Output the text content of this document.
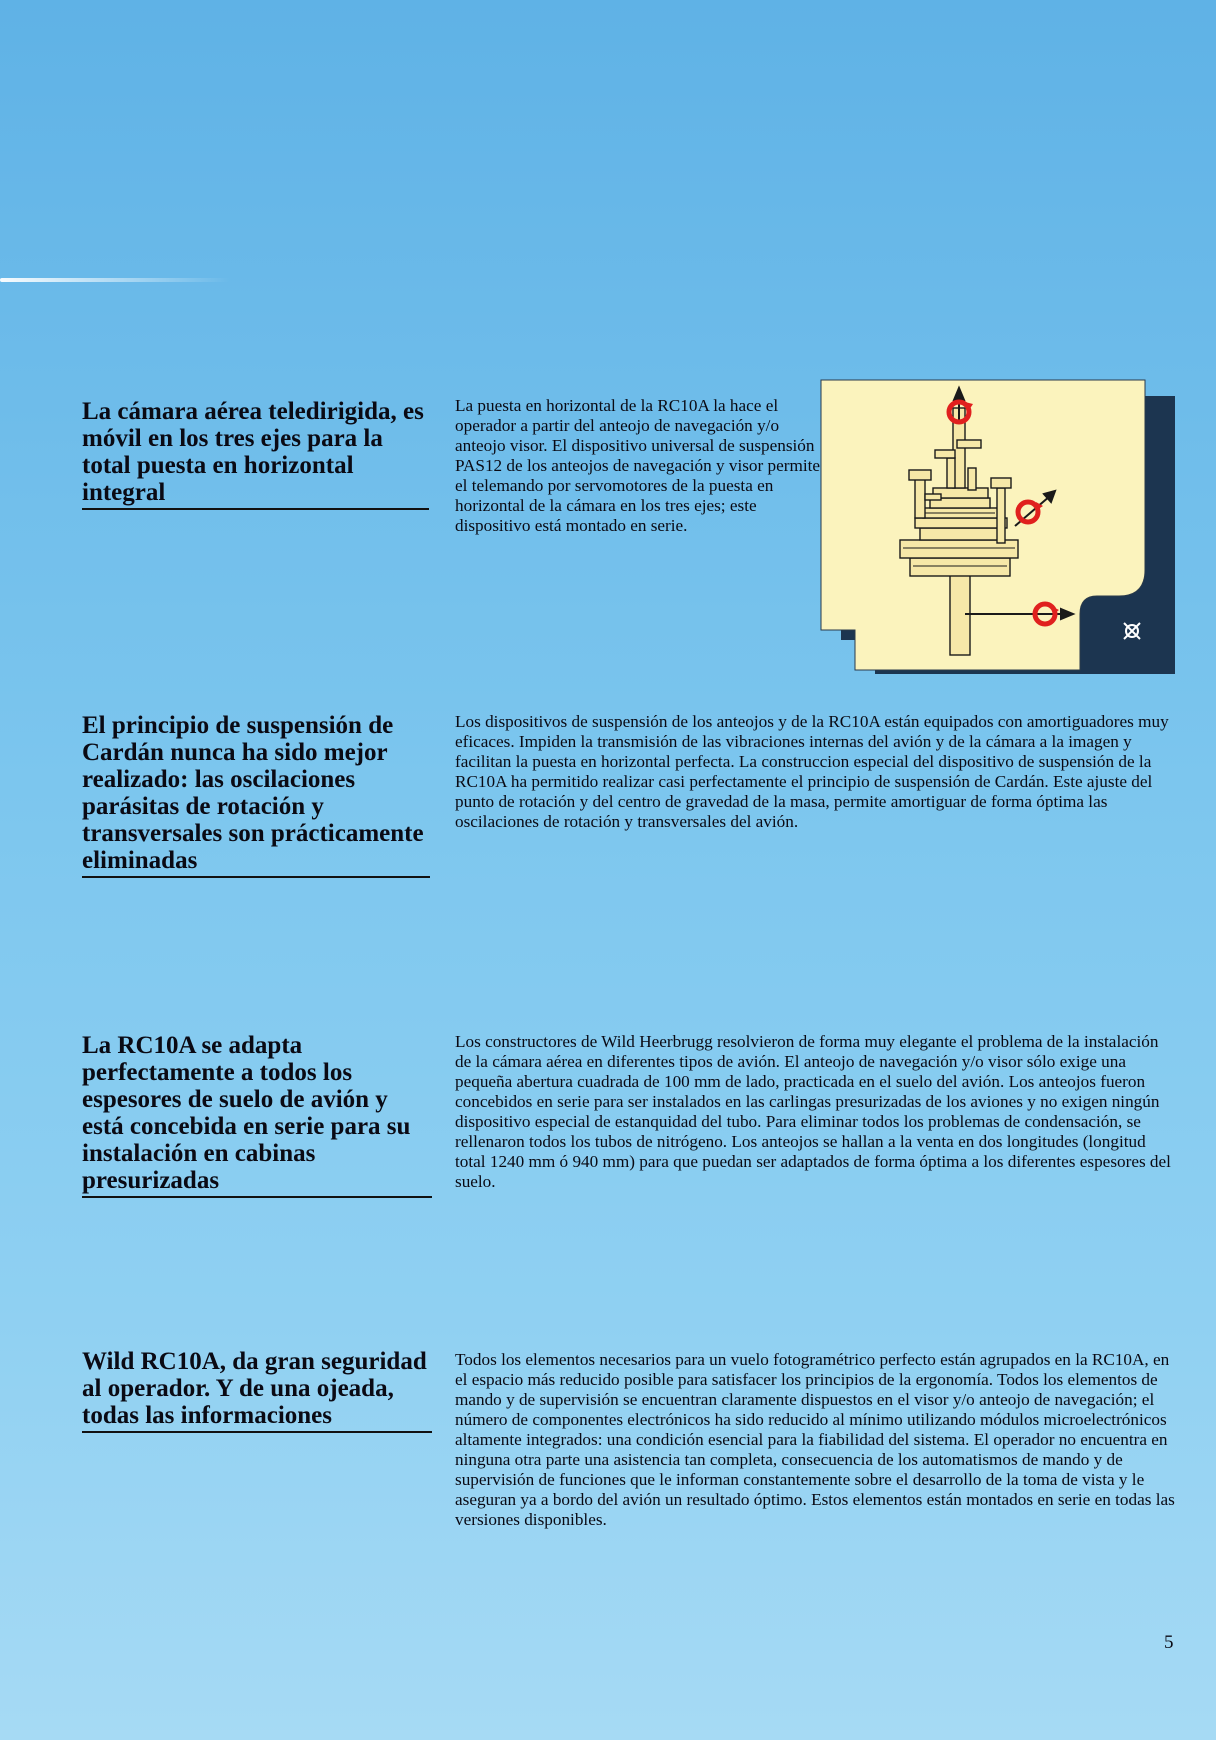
La cámara aérea teledirigida, es móvil en los tres ejes para la total puesta en horizontal integral
La puesta en horizontal de la RC10A la hace el operador a partir del anteojo de navegación y/o anteojo visor. El dispositivo universal de suspensión PAS12 de los anteojos de navegación y visor permite el telemando por servomotores de la puesta en horizontal de la cámara en los tres ejes; este dispositivo está montado en serie.
El principio de suspensión de Cardán nunca ha sido mejor realizado: las oscilaciones parásitas de rotación y transversales son prácticamente eliminadas
Los dispositivos de suspensión de los anteojos y de la RC10A están equipados con amortiguadores muy eficaces. Impiden la transmisión de las vibraciones internas del avión y de la cámara a la imagen y facilitan la puesta en horizontal perfecta. La construccion especial del dispositivo de suspensión de la RC10A ha permitido realizar casi perfectamente el principio de suspensión de Cardán. Este ajuste del punto de rotación y del centro de gravedad de la masa, permite amortiguar de forma óptima las oscilaciones de rotación y transversales del avión.
La RC10A se adapta perfectamente a todos los espesores de suelo de avión y está concebida en serie para su instalación en cabinas presurizadas
Los constructores de Wild Heerbrugg resolvieron de forma muy elegante el problema de la instalación de la cámara aérea en diferentes tipos de avión. El anteojo de navegación y/o visor sólo exige una pequeña abertura cuadrada de 100 mm de lado, practicada en el suelo del avión. Los anteojos fueron concebidos en serie para ser instalados en las carlingas presurizadas de los aviones y no exigen ningún dispositivo especial de estanquidad del tubo. Para eliminar todos los problemas de condensación, se rellenaron todos los tubos de nitrógeno. Los anteojos se hallan a la venta en dos longitudes (longitud total 1240 mm ó 940 mm) para que puedan ser adaptados de forma óptima a los diferentes espesores del suelo.
Wild RC10A, da gran seguridad al operador. Y de una ojeada, todas las informaciones
Todos los elementos necesarios para un vuelo fotogramétrico perfecto están agrupados en la RC10A, en el espacio más reducido posible para satisfacer los principios de la ergonomía. Todos los elementos de mando y de supervisión se encuentran claramente dispuestos en el visor y/o anteojo de navegación; el número de componentes electrónicos ha sido reducido al mínimo utilizando módulos microelectrónicos altamente integrados: una condición esencial para la fiabilidad del sistema. El operador no encuentra en ninguna otra parte una asistencia tan completa, consecuencia de los automatismos de mando y de supervisión de funciones que le informan constantemente sobre el desarrollo de la toma de vista y le aseguran ya a bordo del avión un resultado óptimo. Estos elementos están montados en serie en todas las versiones disponibles.
5
